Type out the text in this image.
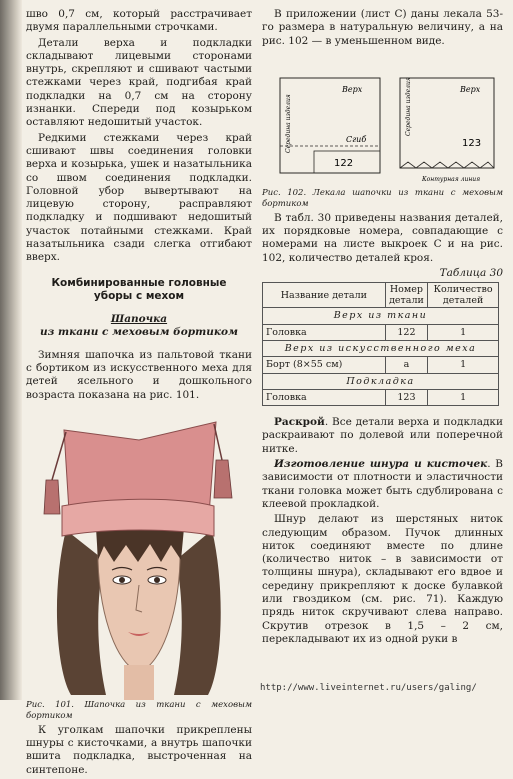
шво 0,7 см, который расстрачивает двумя параллельными строчками.

Детали верха и подкладки складывают лицевыми сторонами внутрь, скрепляют и сшивают частыми стежками через край, подгибая край подкладки на 0,7 см на сторону изнанки. Спереди под козырьком оставляют недошитый участок.

Редкими стежками через край сшивают швы соединения головки верха и козырька, ушек и назатыльника со швом соединения подкладки. Головной убор вывертывают на лицевую сторону, расправляют подкладку и подшивают недошитый участок потайными стежками. Край назатыльника сзади слегка отгибают вверх.

Комбинированные головные
уборы с мехом
Шапочка
из ткани с меховым бортиком

Зимняя шапочка из пальтовой ткани с бортиком из искусственного меха для детей ясельного и дошкольного возраста показана на рис. 101.

Рис. 101. Шапочка из ткани с меховым бортиком

К уголкам шапочки прикреплены шнуры с кисточками, а внутрь шапочки вшита подкладка, выстроченная на синтепоне.

В приложении (лист С) даны лекала 53-го размера в натуральную величину, а на рис. 102 — в уменьшенном виде.

Верх
Сгиб
Середина изделия
122
Верх
Середина изделия
123
Контурная линия

Рис. 102. Лекала шапочки из ткани с меховым бортиком

В табл. 30 приведены названия деталей, их порядковые номера, совпадающие с номерами на листе выкроек С и на рис. 102, количество деталей кроя.

Таблица 30
Название детали	Номер детали	Количество деталей
Верх из ткани		
Головка	122	1
Верх из искусственного меха		
Борт (8×55 см)	а	1
Подкладка		
Головка	123	1

Раскрой. Все детали верха и подкладки раскраивают по долевой или поперечной нитке.

Изготовление шнура и кисточек. В зависимости от плотности и эластичности ткани головка может быть сдублирована с клеевой прокладкой.

Шнур делают из шерстяных ниток следующим образом. Пучок длинных ниток соединяют вместе по длине (количество ниток – в зависимости от толщины шнура), складывают его вдвое и середину прикрепляют к доске булавкой или гвоздиком (см. рис. 71). Каждую прядь ниток скручивают слева направо. Скрутив отрезок в 1,5 – 2 см, перекладывают их из одной руки в

http://www.liveinternet.ru/users/galing/
